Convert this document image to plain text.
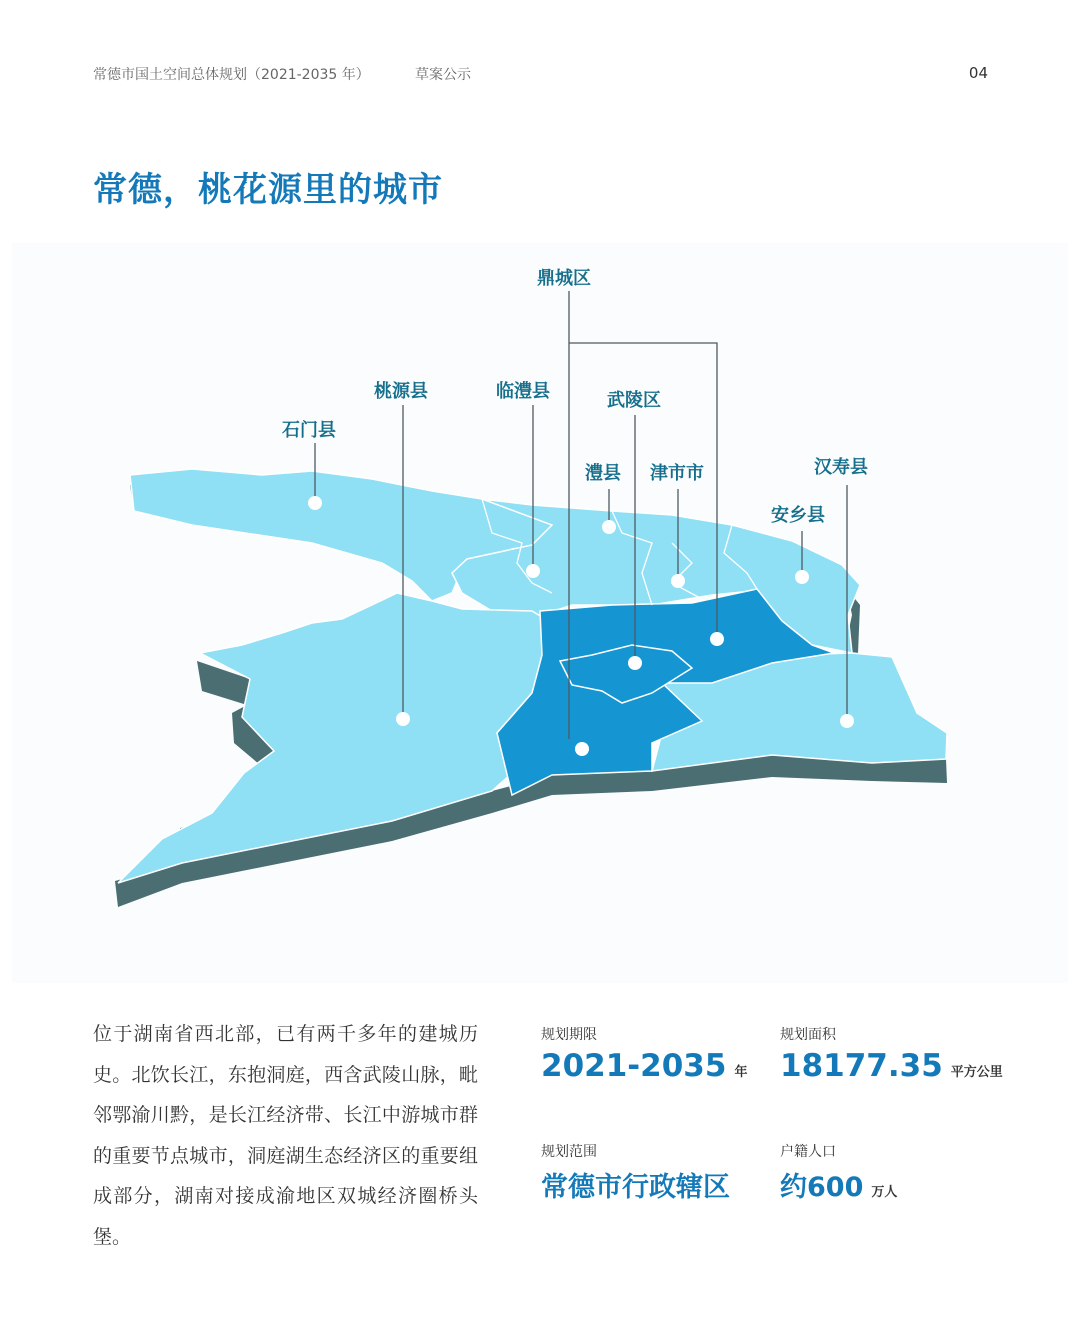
常德市国土空间总体规划（2021-2035 年）	草案公示	04
常德，桃花源里的城市
鼎城区
桃源县	临澧县	武陵区
石门县
澧县 津市市	汉寿县
安乡县
位于湖南省西北部，已有两千多年的建城历史。北饮长江，东抱洞庭，西含武陵山脉，毗邻鄂渝川黔，是长江经济带、长江中游城市群的重要节点城市，洞庭湖生态经济区的重要组成部分，湖南对接成渝地区双城经济圈桥头堡。
规划期限
2021-2035 年
规划面积
18177.35 平方公里
规划范围
常德市行政辖区
户籍人口
约600 万人
